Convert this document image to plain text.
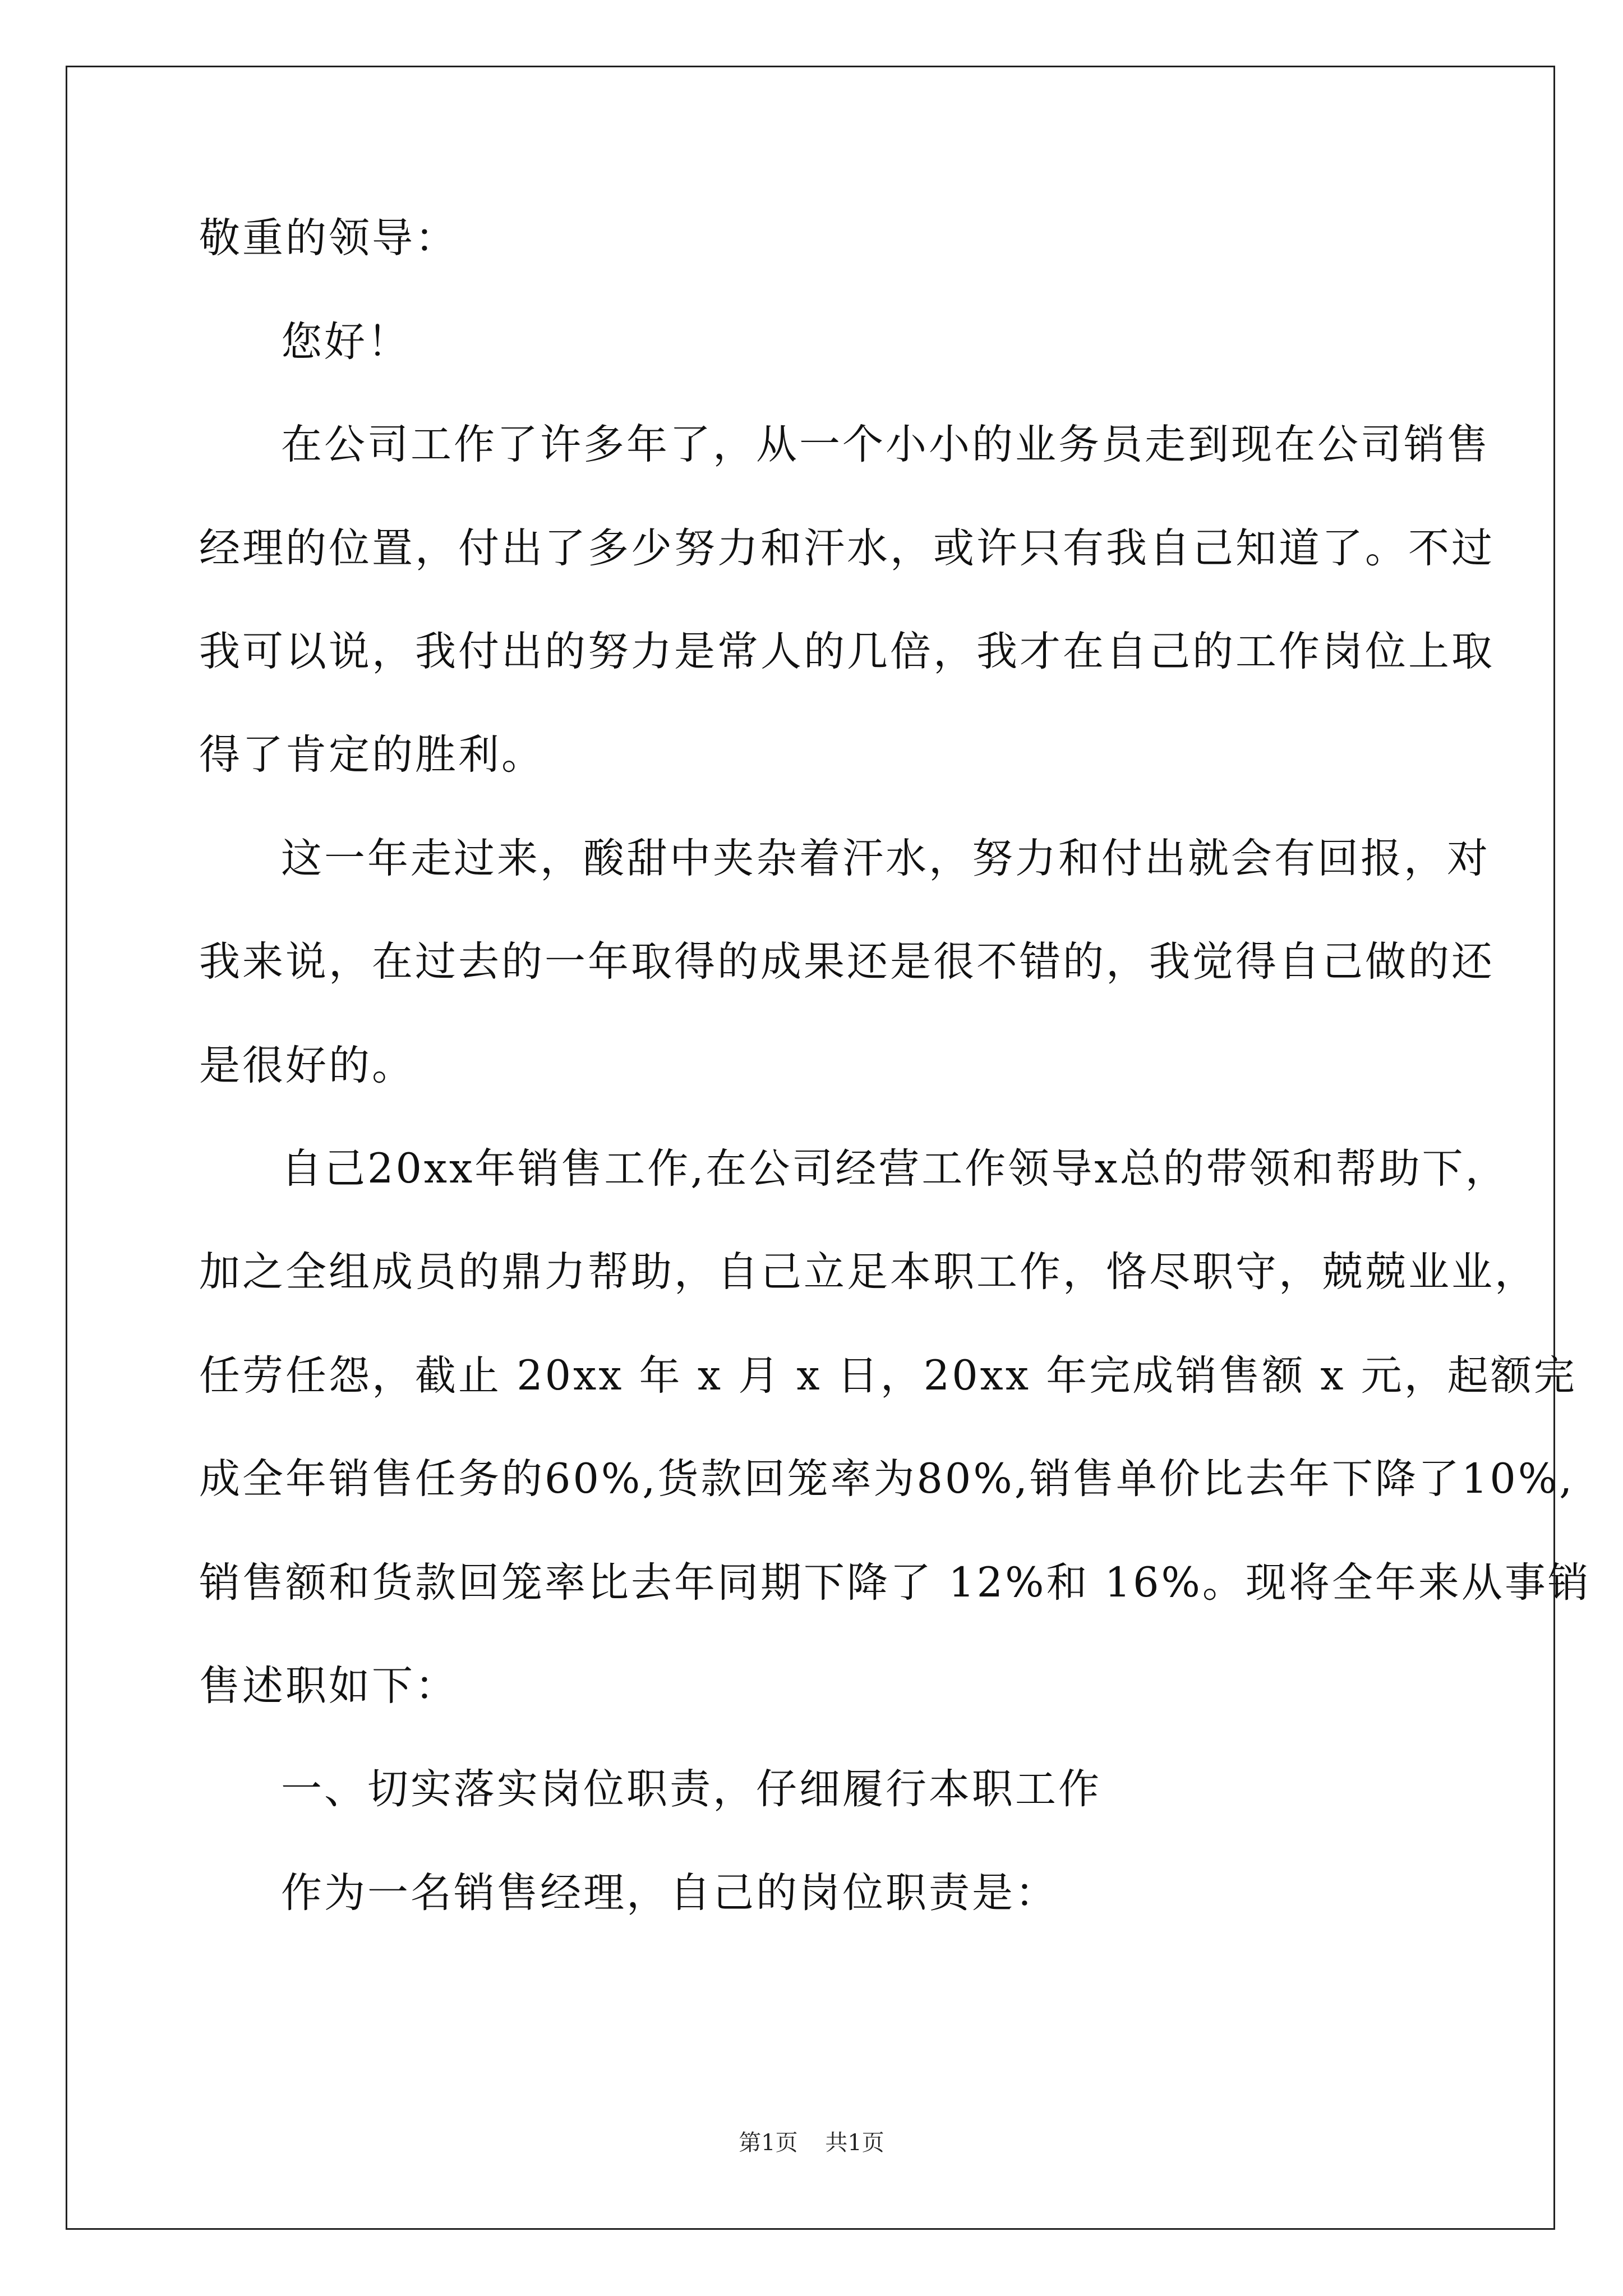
敬重的领导：
您好！
在公司工作了许多年了，从一个小小的业务员走到现在公司销售
经理的位置，付出了多少努力和汗水，或许只有我自己知道了。不过
我可以说，我付出的努力是常人的几倍，我才在自己的工作岗位上取
得了肯定的胜利。
这一年走过来，酸甜中夹杂着汗水，努力和付出就会有回报，对
我来说，在过去的一年取得的成果还是很不错的，我觉得自己做的还
是很好的。
自己20xx年销售工作,在公司经营工作领导x总的带领和帮助下，
加之全组成员的鼎力帮助，自己立足本职工作，恪尽职守，兢兢业业，
任劳任怨，截止 20xx 年 x 月 x 日，20xx 年完成销售额 x 元，起额完
成全年销售任务的60%,货款回笼率为80%,销售单价比去年下降了10%,
销售额和货款回笼率比去年同期下降了 12%和 16%。现将全年来从事销
售述职如下：
一、切实落实岗位职责，仔细履行本职工作
作为一名销售经理，自己的岗位职责是：
第1页 共1页
